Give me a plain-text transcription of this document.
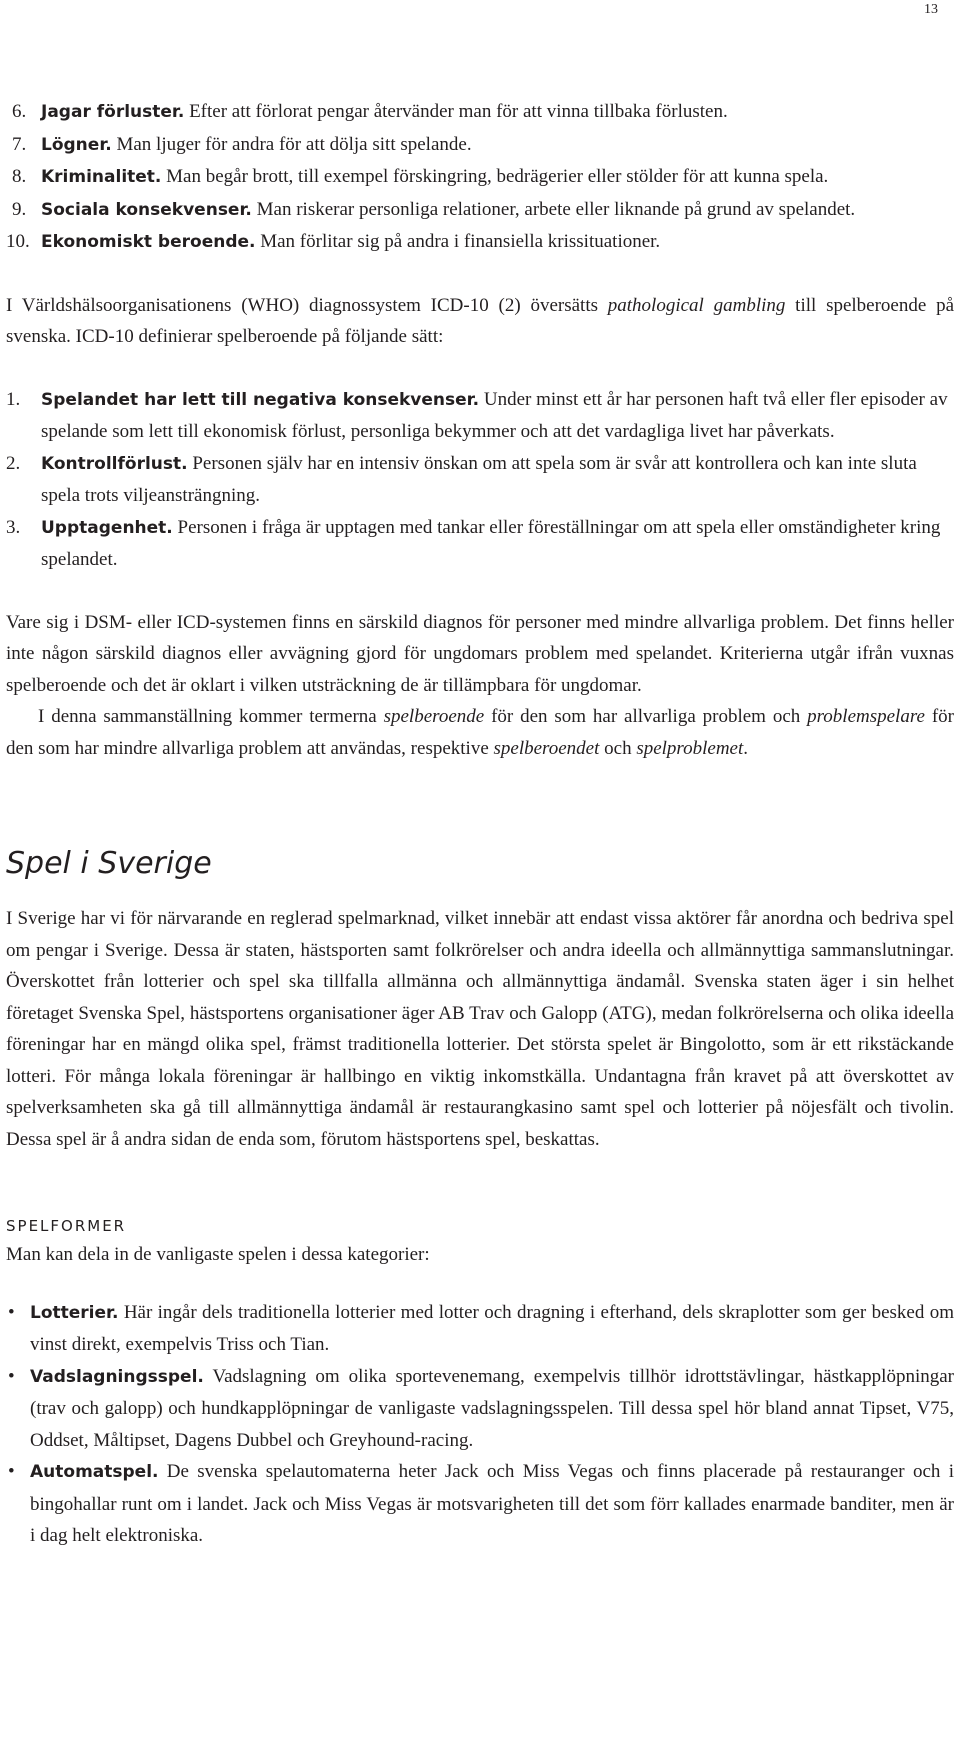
13
6. Jagar förluster. Efter att förlorat pengar återvänder man för att vinna tillbaka förlusten.
7. Lögner. Man ljuger för andra för att dölja sitt spelande.
8. Kriminalitet. Man begår brott, till exempel förskingring, bedrägerier eller stölder för att kunna spela.
9. Sociala konsekvenser. Man riskerar personliga relationer, arbete eller liknande på grund av spelandet.
10. Ekonomiskt beroende. Man förlitar sig på andra i finansiella krissituationer.

I Världshälsoorganisationens (WHO) diagnossystem ICD-10 (2) översätts pathological gambling till spelberoende på svenska. ICD-10 definierar spelberoende på följande sätt:

1. Spelandet har lett till negativa konsekvenser. Under minst ett år har personen haft två eller fler episoder av spelande som lett till ekonomisk förlust, personliga bekymmer och att det vardagliga livet har påverkats.
2. Kontrollförlust. Personen själv har en intensiv önskan om att spela som är svår att kontrollera och kan inte sluta spela trots viljeansträngning.
3. Upptagenhet. Personen i fråga är upptagen med tankar eller föreställningar om att spela eller omständigheter kring spelandet.

Vare sig i DSM- eller ICD-systemen finns en särskild diagnos för personer med mindre allvarliga problem. Det finns heller inte någon särskild diagnos eller avvägning gjord för ungdomars problem med spelandet. Kriterierna utgår ifrån vuxnas spelberoende och det är oklart i vilken utsträckning de är tillämpbara för ungdomar.

I denna sammanställning kommer termerna spelberoende för den som har allvarliga problem och problemspelare för den som har mindre allvarliga problem att användas, respektive spelberoendet och spelproblemet.

Spel i Sverige

I Sverige har vi för närvarande en reglerad spelmarknad, vilket innebär att endast vissa aktörer får anordna och bedriva spel om pengar i Sverige. Dessa är staten, hästsporten samt folkrörelser och andra ideella och allmännyttiga sammanslutningar. Överskottet från lotterier och spel ska tillfalla allmänna och allmännyttiga ändamål. Svenska staten äger i sin helhet företaget Svenska Spel, hästsportens organisationer äger AB Trav och Galopp (ATG), medan folkrörelserna och olika ideella föreningar har en mängd olika spel, främst traditionella lotterier. Det största spelet är Bingolotto, som är ett rikstäckande lotteri. För många lokala föreningar är hallbingo en viktig inkomstkälla. Undantagna från kravet på att överskottet av spelverksamheten ska gå till allmännyttiga ändamål är restaurangkasino samt spel och lotterier på nöjesfält och tivolin. Dessa spel är å andra sidan de enda som, förutom hästsportens spel, beskattas.

SPELFORMER

Man kan dela in de vanligaste spelen i dessa kategorier:

• Lotterier. Här ingår dels traditionella lotterier med lotter och dragning i efterhand, dels skraplotter som ger besked om vinst direkt, exempelvis Triss och Tian.
• Vadslagningsspel. Vadslagning om olika sportevenemang, exempelvis tillhör idrottstävlingar, hästkapplöpningar (trav och galopp) och hundkapplöpningar de vanligaste vadslagningsspelen. Till dessa spel hör bland annat Tipset, V75, Oddset, Måltipset, Dagens Dubbel och Greyhound-racing.
• Automatspel. De svenska spelautomaterna heter Jack och Miss Vegas och finns placerade på restauranger och i bingohallar runt om i landet. Jack och Miss Vegas är motsvarigheten till det som förr kallades enarmade banditer, men är i dag helt elektroniska.
